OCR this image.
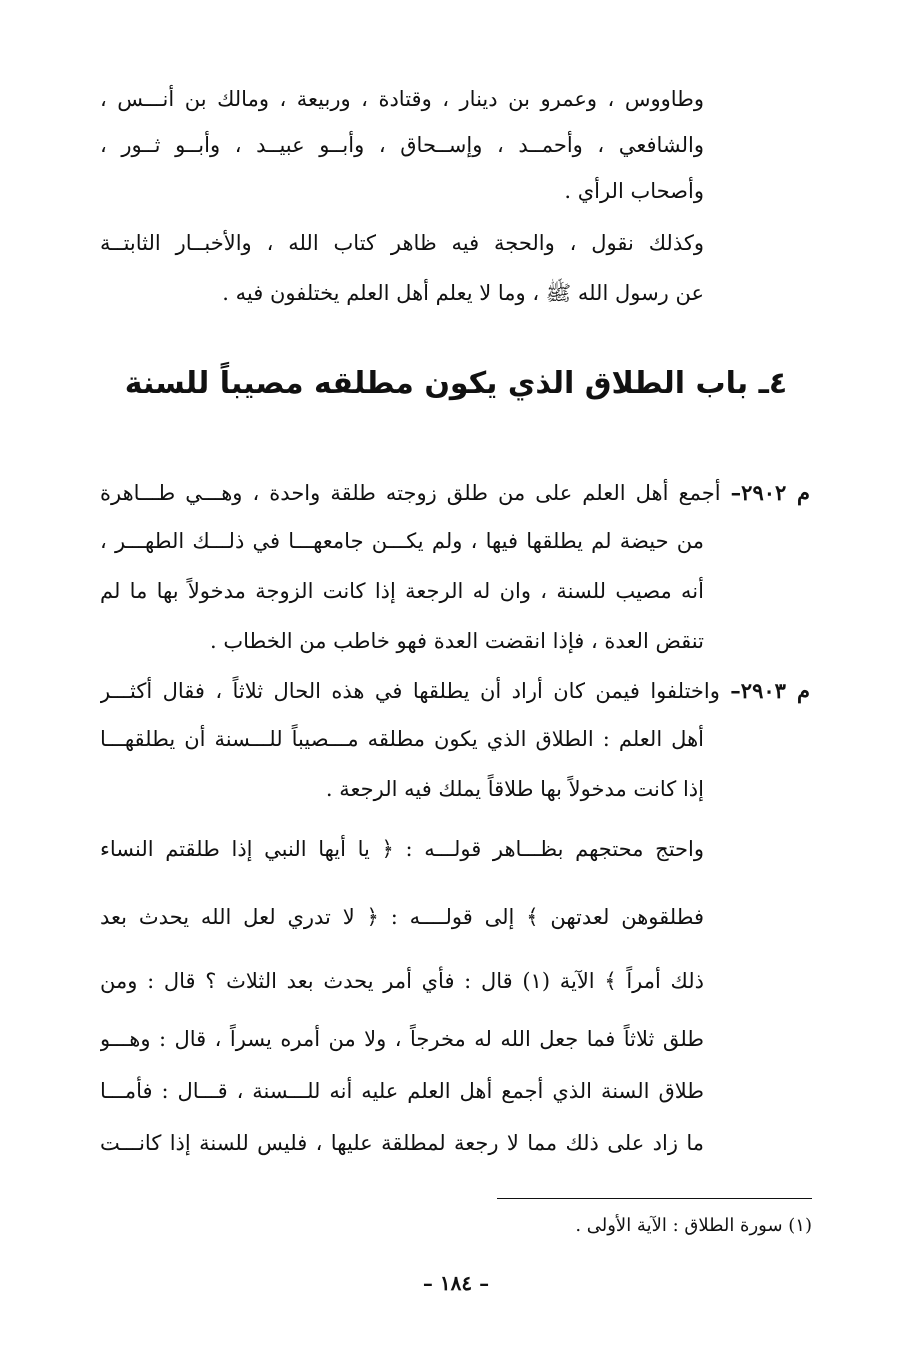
وطاووس ، وعمرو بن دينار ، وقتادة ، وربيعة ، ومالك بن أنـــس ،
والشافعي ، وأحمــد ، وإســحاق ، وأبــو عبيــد ، وأبــو ثــور ،
وأصحاب الرأي .
وكذلك نقول ، والحجة فيه ظاهر كتاب الله ، والأخبــار الثابتــة
عن رسول الله ﷺ ، وما لا يعلم أهل العلم يختلفون فيه .
٤ـ باب الطلاق الذي يكون مطلقه مصيباً للسنة
م ٢٩٠٢– أجمع أهل العلم على من طلق زوجته طلقة واحدة ، وهـــي طـــاهرة
من حيضة لم يطلقها فيها ، ولم يكـــن جامعهـــا في ذلـــك الطهـــر ،
أنه مصيب للسنة ، وان له الرجعة إذا كانت الزوجة مدخولاً بها ما لم
تنقض العدة ، فإذا انقضت العدة فهو خاطب من الخطاب .
م ٢٩٠٣– واختلفوا فيمن كان أراد أن يطلقها في هذه الحال ثلاثاً ، فقال أكثـــر
أهل العلم : الطلاق الذي يكون مطلقه مـــصيباً للـــسنة أن يطلقهـــا
إذا كانت مدخولاً بها طلاقاً يملك فيه الرجعة .
واحتج محتجهم بظـــاهر قولـــه : ﴿ يا أيها النبي إذا طلقتم النساء
فطلقوهن لعدتهن ﴾ إلى قولــــه : ﴿ لا تدري لعل الله يحدث بعد
ذلك أمراً ﴾ الآية (١) قال : فأي أمر يحدث بعد الثلاث ؟ قال : ومن
طلق ثلاثاً فما جعل الله له مخرجاً ، ولا من أمره يسراً ، قال : وهـــو
طلاق السنة الذي أجمع أهل العلم عليه أنه للـــسنة ، قـــال : فأمـــا
ما زاد على ذلك مما لا رجعة لمطلقة عليها ، فليس للسنة إذا كانـــت
(١) سورة الطلاق : الآية الأولى .
– ١٨٤ –
